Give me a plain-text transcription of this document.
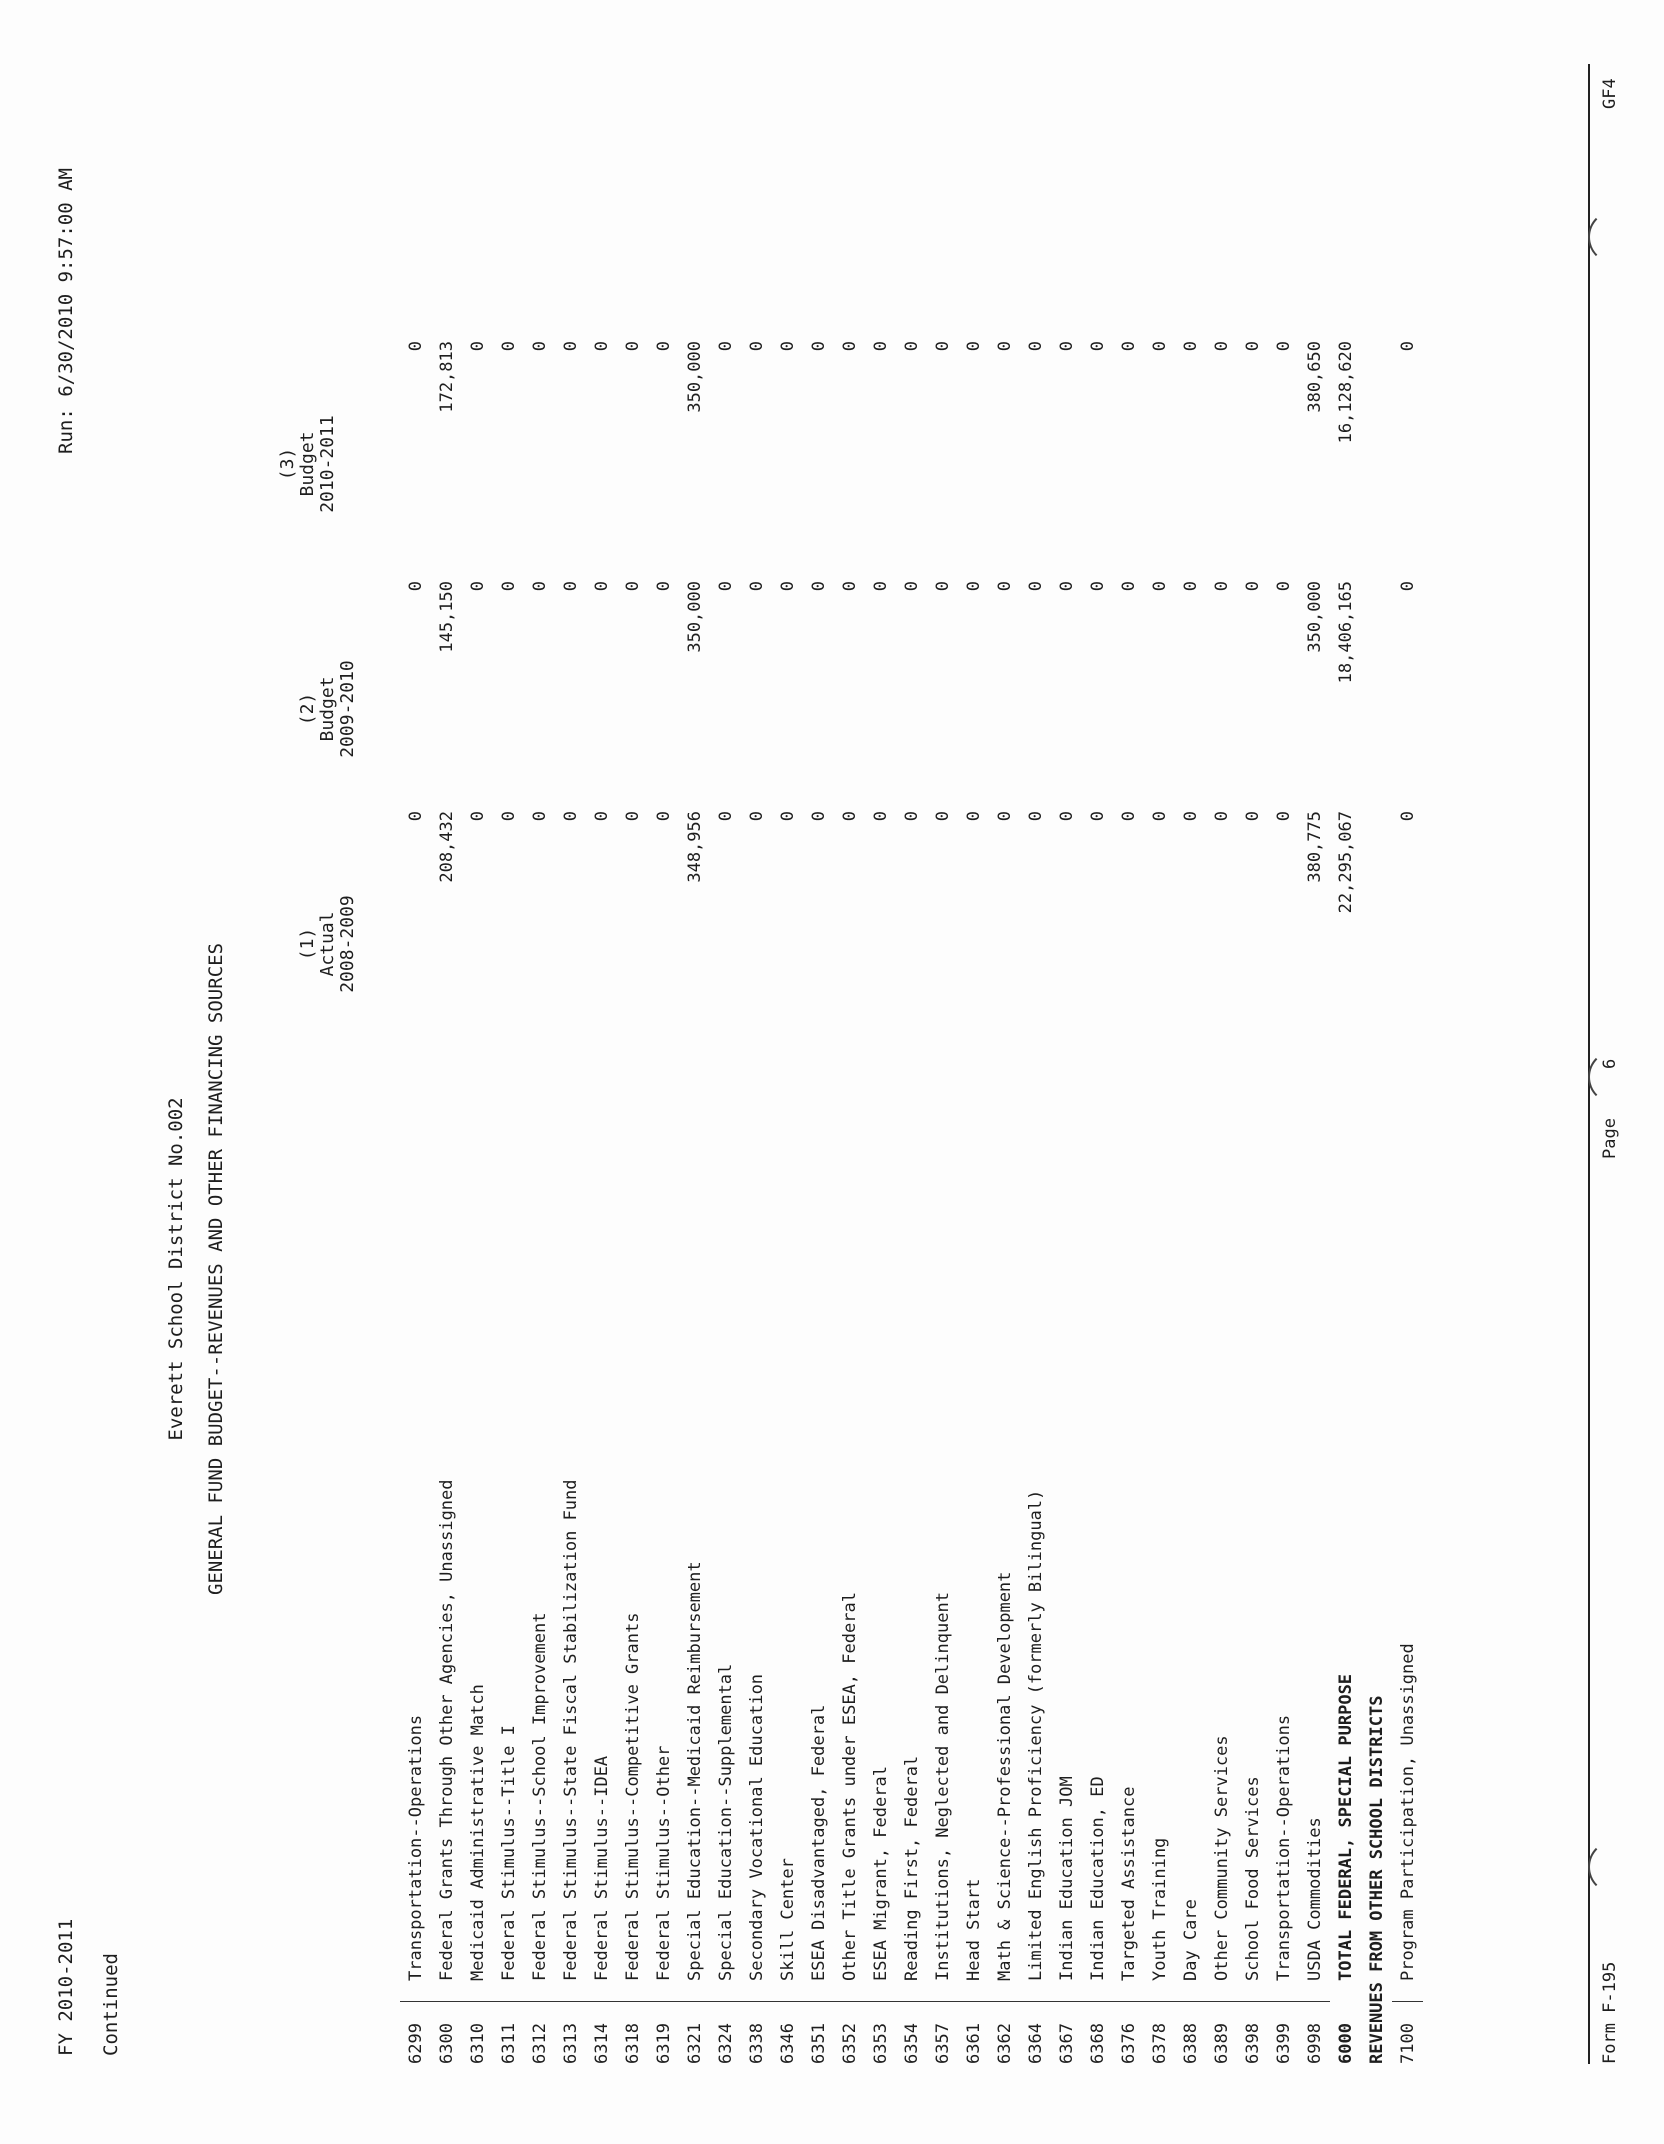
FY 2010-2011 Continued
Run: 6/30/2010 9:57:00 AM
Everett School District No.002 GENERAL FUND BUDGET--REVENUES AND OTHER FINANCING SOURCES	(1) Actual 2008-2009
(2) Budget 2009-2010
(3) Budget 2010-2011
6299		Transportation--Operations	0	0	0
6300		Federal Grants Through Other Agencies, Unassigned	208,432	145,150	172,813
6310		Medicaid Administrative Match	0	0	0
6311		Federal Stimulus--Title I	0	0	0
6312		Federal Stimulus--School Improvement	0	0	0
6313		Federal Stimulus--State Fiscal Stabilization Fund	0	0	0
6314		Federal Stimulus--IDEA	0	0	0
6318		Federal Stimulus--Competitive Grants	0	0	0
6319		Federal Stimulus--Other	0	0	0
6321		Special Education--Medicaid Reimbursement	348,956	350,000	350,000
6324		Special Education--Supplemental	0	0	0
6338		Secondary Vocational Education	0	0	0
6346		Skill Center	0	0	0
6351		ESEA Disadvantaged, Federal	0	0	0
6352		Other Title Grants under ESEA, Federal	0	0	0
6353		ESEA Migrant, Federal	0	0	0
6354		Reading First, Federal	0	0	0
6357		Institutions, Neglected and Delinquent	0	0	0
6361		Head Start	0	0	0
6362		Math & Science--Professional Development	0	0	0
6364		Limited English Proficiency (formerly Bilingual)	0	0	0
6367		Indian Education JOM	0	0	0
6368		Indian Education, ED	0	0	0
6376		Targeted Assistance	0	0	0
6378		Youth Training	0	0	0
6388		Day Care	0	0	0
6389		Other Community Services	0	0	0
6398		School Food Services	0	0	0
6399		Transportation--Operations	0	0	0
6998		USDA Commodities	380,775	350,000	380,650
6000		TOTAL FEDERAL, SPECIAL PURPOSE	22,295,067	18,406,165	16,128,620
REVENUES FROM OTHER SCHOOL DISTRICTS					
7100		Program Participation, Unassigned	0	0	0
Form F-195
Page
6
GF4
